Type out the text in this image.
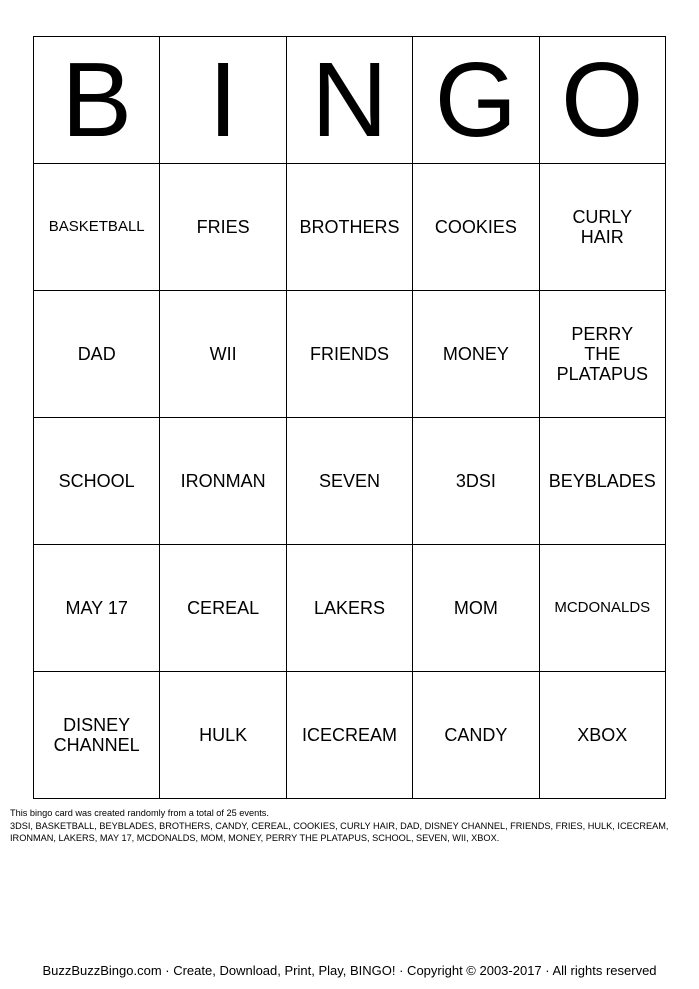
B	I	N	G	O
BASKETBALL	FRIES	BROTHERS	COOKIES	CURLY HAIR
DAD	WII	FRIENDS	MONEY	PERRY THE PLATAPUS
SCHOOL	IRONMAN	SEVEN	3DSI	BEYBLADES
MAY 17	CEREAL	LAKERS	MOM	MCDONALDS
DISNEY CHANNEL	HULK	ICECREAM	CANDY	XBOX
This bingo card was created randomly from a total of 25 events.
3DSI, BASKETBALL, BEYBLADES, BROTHERS, CANDY, CEREAL, COOKIES, CURLY HAIR, DAD, DISNEY CHANNEL, FRIENDS, FRIES, HULK, ICECREAM, IRONMAN, LAKERS, MAY 17, MCDONALDS, MOM, MONEY, PERRY THE PLATAPUS, SCHOOL, SEVEN, WII, XBOX.
BuzzBuzzBingo.com · Create, Download, Print, Play, BINGO! · Copyright © 2003-2017 · All rights reserved
